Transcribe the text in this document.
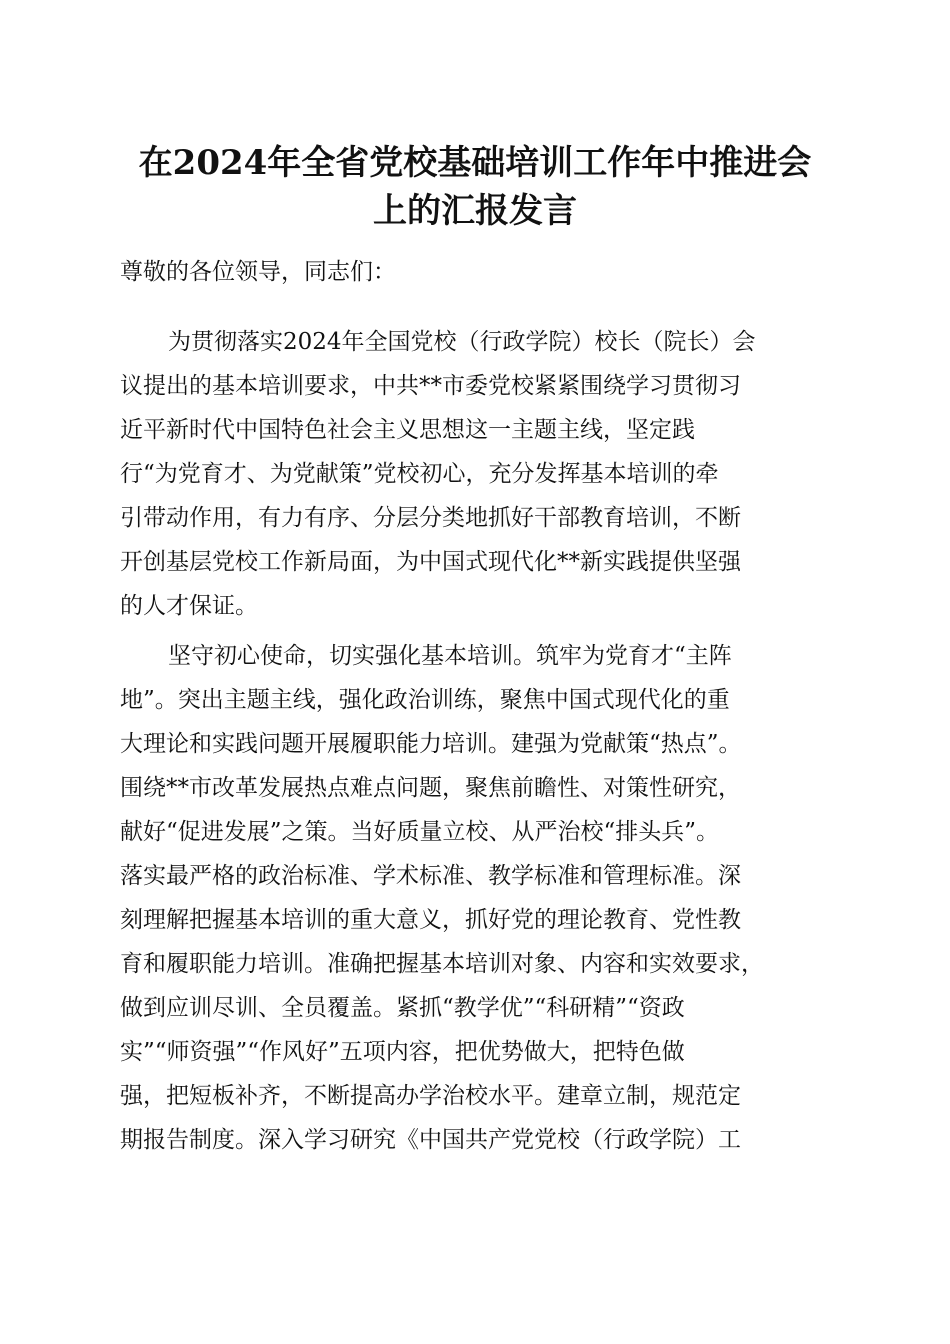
在2024年全省党校基础培训工作年中推进会
上的汇报发言
尊敬的各位领导，同志们：
为贯彻落实2024年全国党校（行政学院）校长（院长）会
议提出的基本培训要求，中共**市委党校紧紧围绕学习贯彻习
近平新时代中国特色社会主义思想这一主题主线，坚定践
行“为党育才、为党献策”党校初心，充分发挥基本培训的牵
引带动作用，有力有序、分层分类地抓好干部教育培训，不断
开创基层党校工作新局面，为中国式现代化**新实践提供坚强
的人才保证。
坚守初心使命，切实强化基本培训。筑牢为党育才“主阵
地”。突出主题主线，强化政治训练，聚焦中国式现代化的重
大理论和实践问题开展履职能力培训。建强为党献策“热点”。
围绕**市改革发展热点难点问题，聚焦前瞻性、对策性研究，
献好“促进发展”之策。当好质量立校、从严治校“排头兵”。
落实最严格的政治标准、学术标准、教学标准和管理标准。深
刻理解把握基本培训的重大意义，抓好党的理论教育、党性教
育和履职能力培训。准确把握基本培训对象、内容和实效要求，
做到应训尽训、全员覆盖。紧抓“教学优”“科研精”“资政
实”“师资强”“作风好”五项内容，把优势做大，把特色做
强，把短板补齐，不断提高办学治校水平。建章立制，规范定
期报告制度。深入学习研究《中国共产党党校（行政学院）工
